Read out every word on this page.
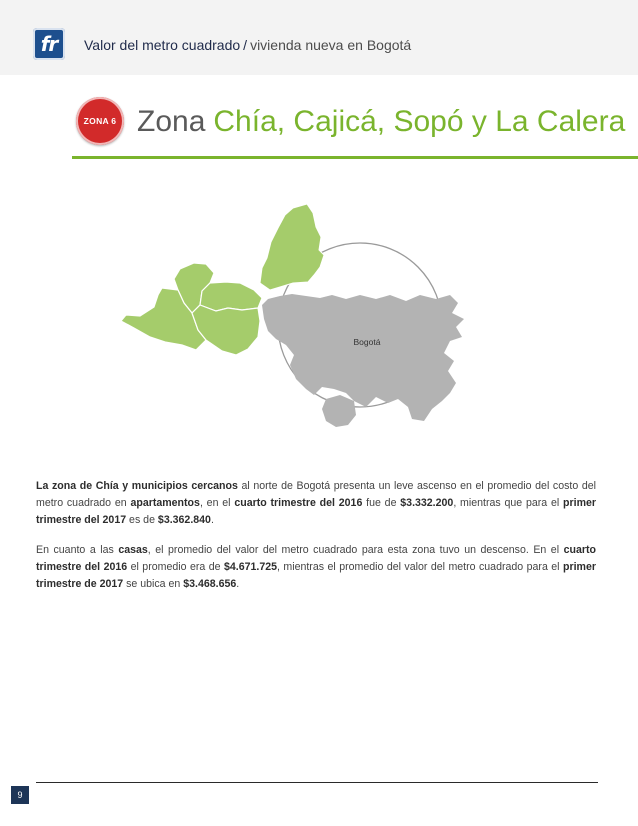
fr	Valor del metro cuadrado / vivienda nueva en Bogotá
ZONA 6 Zona Chía, Cajicá, Sopó y La Calera
Bogotá

La zona de Chía y municipios cercanos al norte de Bogotá presenta un leve ascenso en el promedio del costo del metro cuadrado en apartamentos, en el cuarto trimestre del 2016 fue de $3.332.200, mientras que para el primer trimestre del 2017 es de $3.362.840.

En cuanto a las casas, el promedio del valor del metro cuadrado para esta zona tuvo un descenso. En el cuarto trimestre del 2016 el promedio era de $4.671.725, mientras el promedio del valor del metro cuadrado para el primer trimestre de 2017 se ubica en $3.468.656.

9
